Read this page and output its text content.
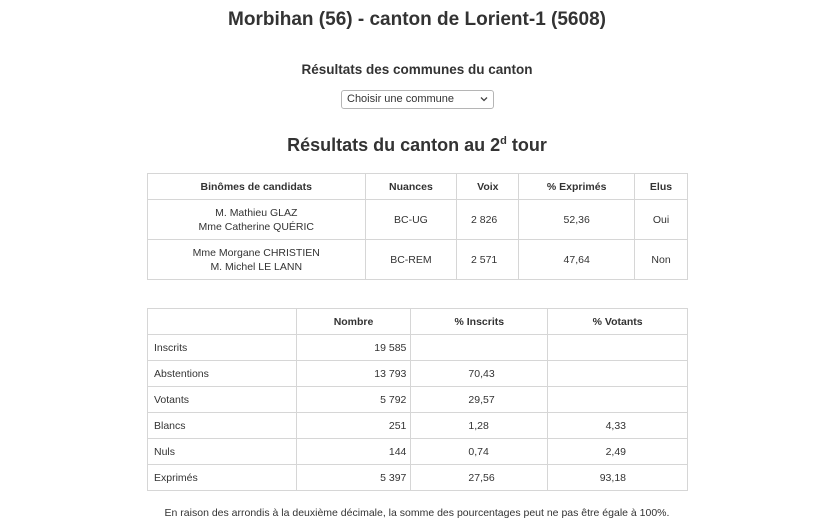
Morbihan (56) - canton de Lorient-1 (5608)
Résultats des communes du canton
Choisir une commune
Résultats du canton au 2$^d$ tour
Binômes de candidats	Nuances	Voix	% Exprimés	Elus

M. Mathieu GLAZ
Mme Catherine QUÉRIC	BC-UG	2 826	52,36	Oui

Mme Morgane CHRISTIEN
M. Michel LE LANN	BC-REM	2 571	47,64	Non
	Nombre	% Inscrits	% Votants
Inscrits	19 585		
Abstentions	13 793	70,43	
Votants	5 792	29,57	
Blancs	251	1,28	4,33
Nuls	144	0,74	2,49
Exprimés	5 397	27,56	93,18

En raison des arrondis à la deuxième décimale, la somme des pourcentages peut ne pas être égale à 100%.
